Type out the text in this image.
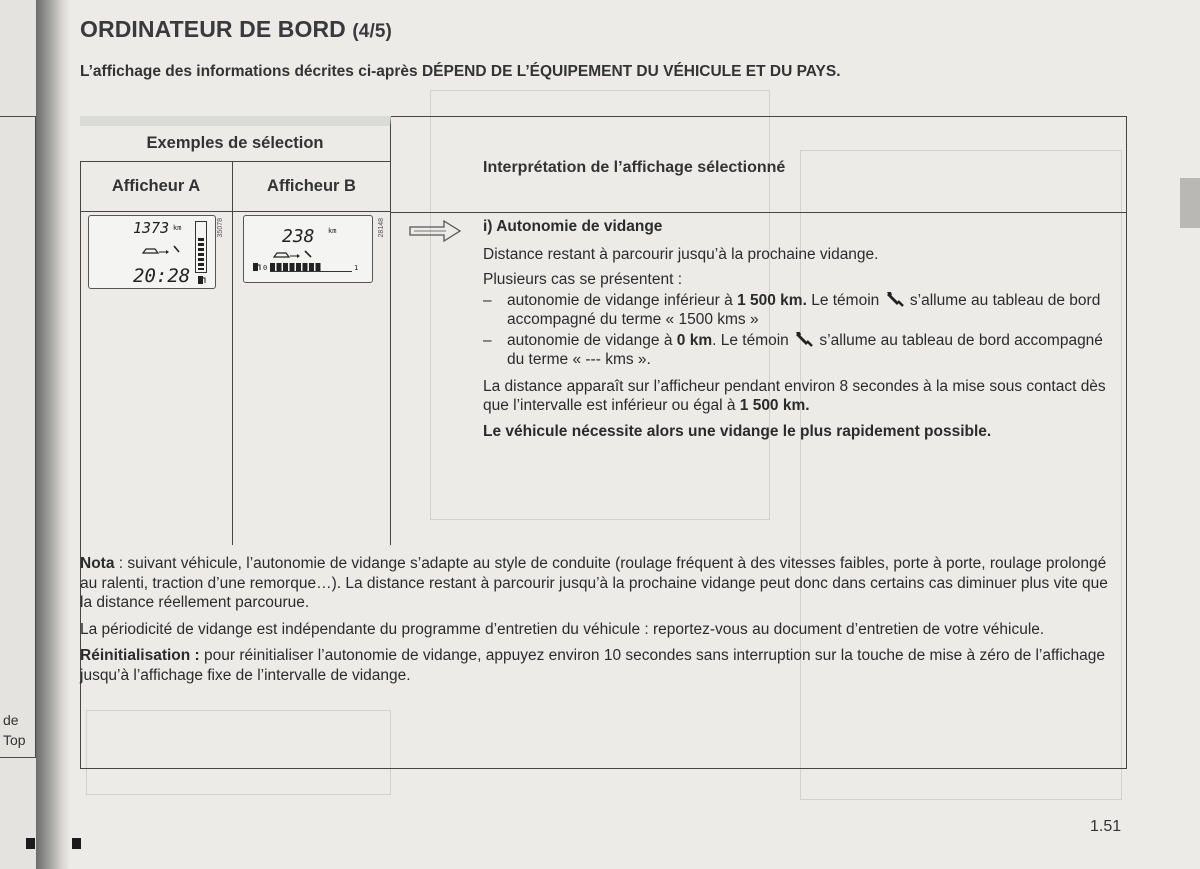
de
Top
ORDINATEUR DE BORD (4/5)
L’affichage des informations décrites ci-après DÉPEND DE L’ÉQUIPEMENT DU VÉHICULE ET DU PAYS.
Exemples de sélection
Afficheur A	Afficheur B
Interprétation de l’affichage sélectionné
1373 km
20:28
35078	238 km
0	1
28148	i) Autonomie de vidange

Distance restant à parcourir jusqu’à la prochaine vidange.

Plusieurs cas se présentent :

– autonomie de vidange inférieur à 1 500 km. Le témoin  s’allume au tableau de bord accompagné du terme « 1500 kms »
– autonomie de vidange à 0 km. Le témoin  s’allume au tableau de bord accompagné du terme « --- kms ».

La distance apparaît sur l’afficheur pendant environ 8 secondes à la mise sous contact dès que l’intervalle est inférieur ou égal à 1 500 km.

Le véhicule nécessite alors une vidange le plus rapidement possible.

Nota : suivant véhicule, l’autonomie de vidange s’adapte au style de conduite (roulage fréquent à des vitesses faibles, porte à porte, roulage prolongé au ralenti, traction d’une remorque…). La distance restant à parcourir jusqu’à la prochaine vidange peut donc dans certains cas diminuer plus vite que la distance réellement parcourue.

La périodicité de vidange est indépendante du programme d’entretien du véhicule : reportez-vous au document d’entretien de votre véhicule.

Réinitialisation : pour réinitialiser l’autonomie de vidange, appuyez environ 10 secondes sans interruption sur la touche de mise à zéro de l’affichage jusqu’à l’affichage fixe de l’intervalle de vidange.

1.51
